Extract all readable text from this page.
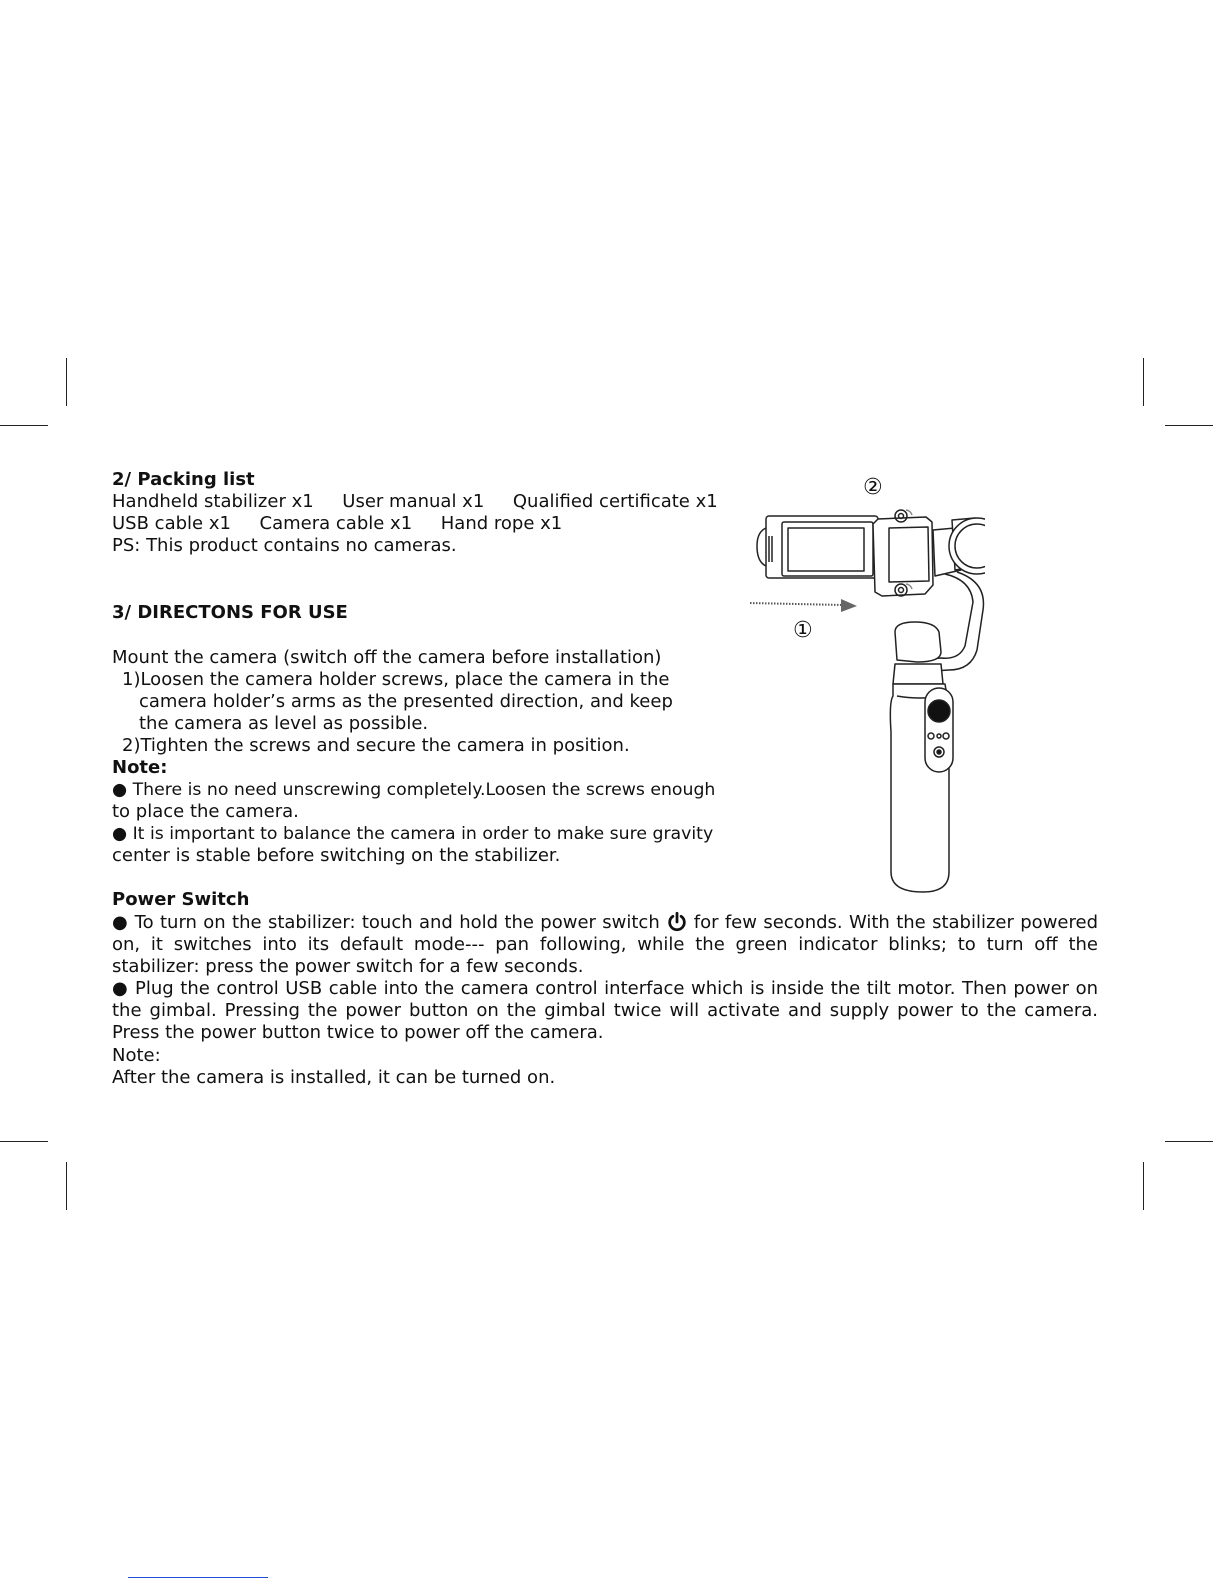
2/ Packing list
Handheld stabilizer x1     User manual x1     Qualified certificate x1
USB cable x1     Camera cable x1     Hand rope x1
PS: This product contains no cameras.
3/ DIRECTONS FOR USE
Mount the camera (switch off the camera before installation)
1)Loosen the camera holder screws, place the camera in the
camera holder’s arms as the presented direction, and keep
the camera as level as possible.
2)Tighten the screws and secure the camera in position.
Note:
● There is no need unscrewing completely.Loosen the screws enough
to place the camera.
● It is important to balance the camera in order to make sure gravity
center is stable before switching on the stabilizer.
①
②
Power Switch
● To turn on the stabilizer: touch and hold the power switch for few seconds. With the stabilizer powered on, it switches into its default mode--- pan following, while the green indicator blinks; to turn off the stabilizer: press the power switch for a few seconds.
● Plug the control USB cable into the camera control interface which is inside the tilt motor. Then power on the gimbal. Pressing the power button on the gimbal twice will activate and supply power to the camera. Press the power button twice to power off the camera.
Note:
After the camera is installed, it can be turned on.
